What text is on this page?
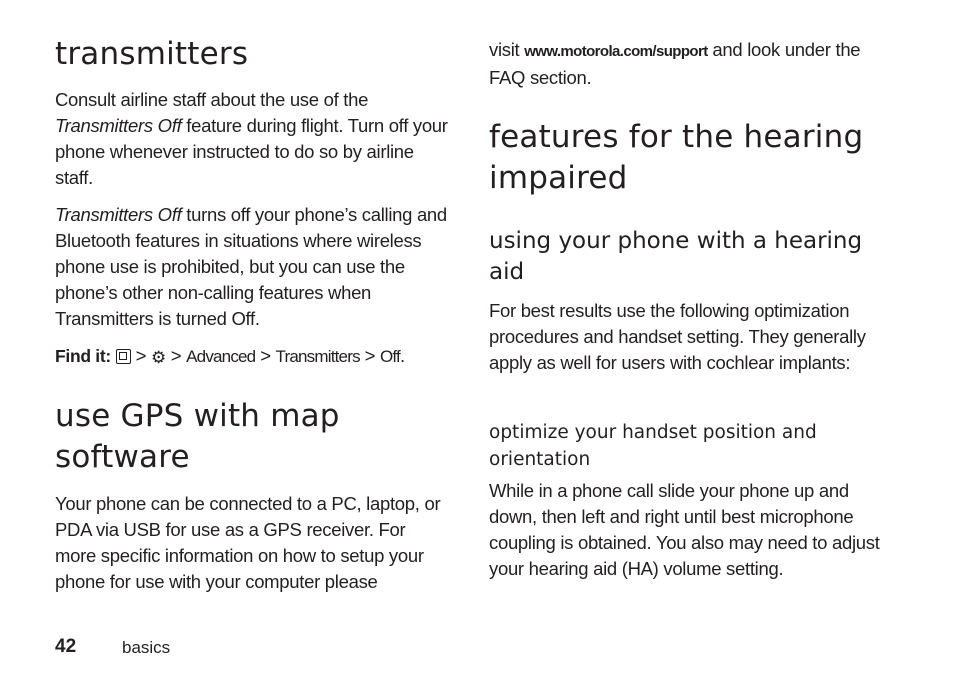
transmitters

Consult airline staff about the use of the Transmitters Off feature during flight. Turn off your phone whenever instructed to do so by airline staff.

Transmitters Off turns off your phone’s calling and Bluetooth features in situations where wireless phone use is prohibited, but you can use the phone’s other non-calling features when Transmitters is turned Off.

Find it: > ⚙ > Advanced > Transmitters > Off.

use GPS with map software

Your phone can be connected to a PC, laptop, or PDA via USB for use as a GPS receiver. For more specific information on how to setup your phone for use with your computer please

visit www.motorola.com/support and look under the FAQ section.

features for the hearing impaired
using your phone with a hearing aid

For best results use the following optimization procedures and handset setting. They generally apply as well for users with cochlear implants:

optimize your handset position and orientation

While in a phone call slide your phone up and down, then left and right until best microphone coupling is obtained. You also may need to adjust your hearing aid (HA) volume setting.

42	basics
